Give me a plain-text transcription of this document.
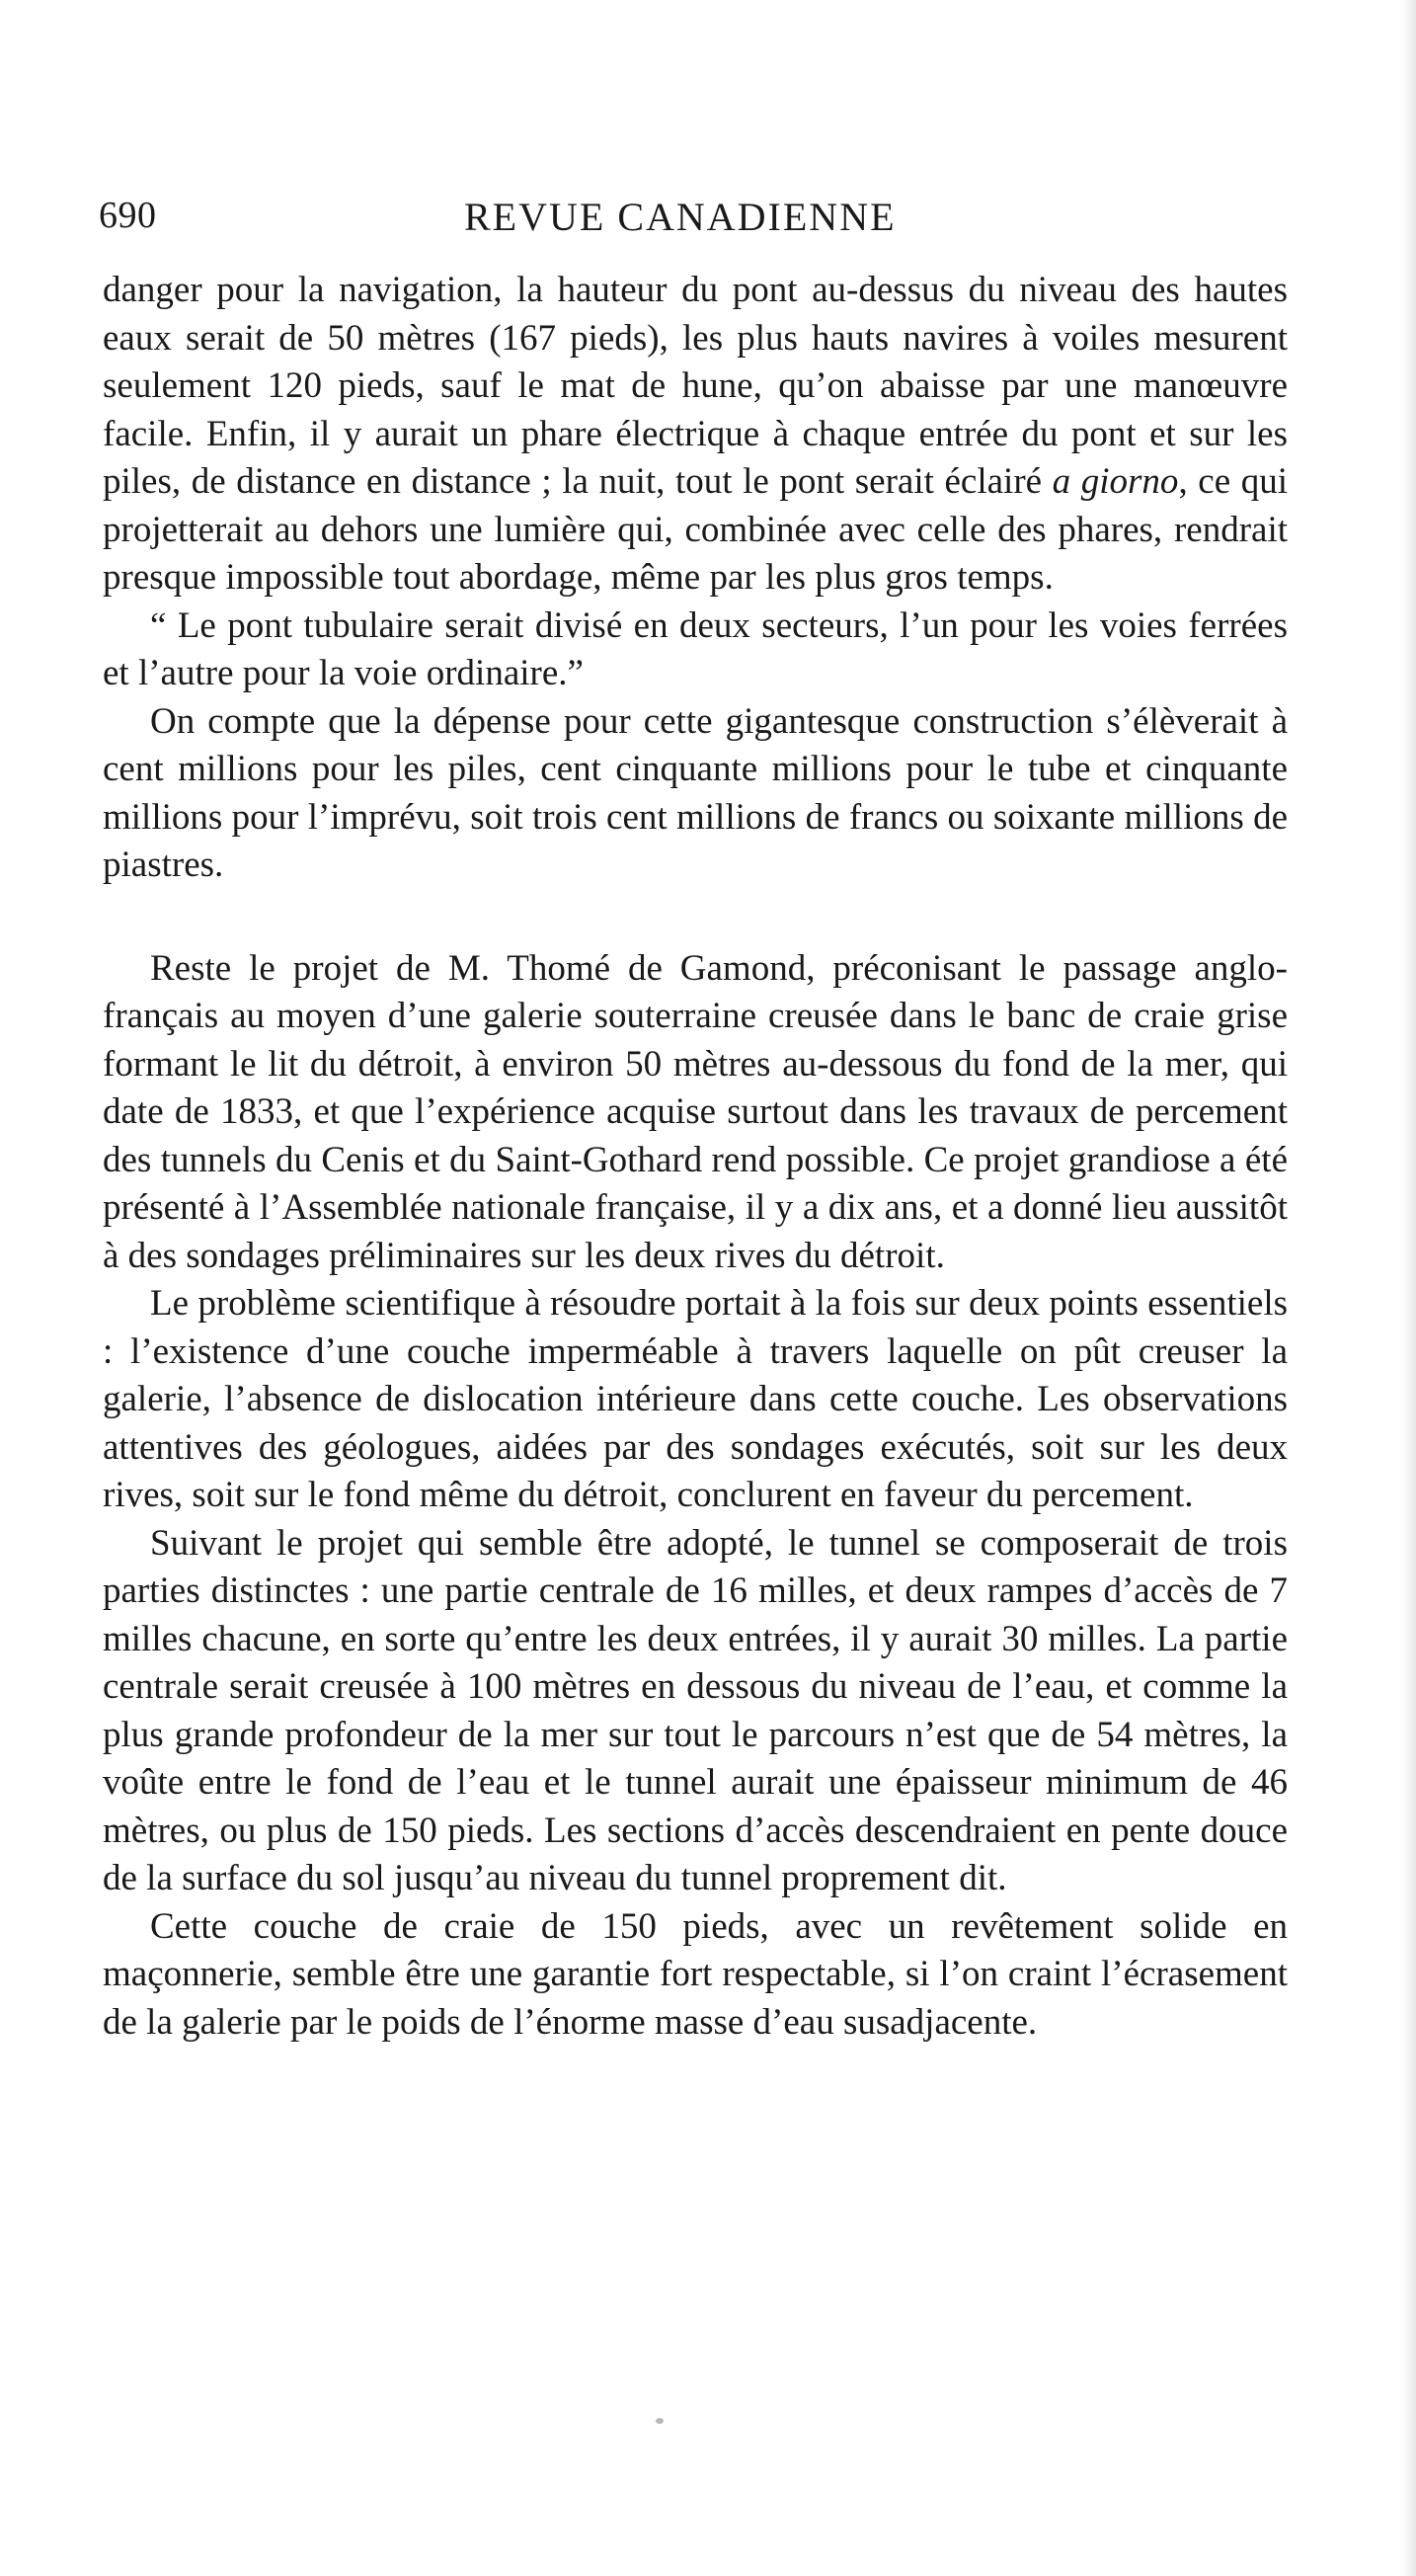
690	REVUE CANADIENNE

danger pour la navigation, la hauteur du pont au-dessus du niveau des hautes eaux serait de 50 mètres (167 pieds), les plus hauts navires à voiles mesurent seulement 120 pieds, sauf le mat de hune, qu’on abaisse par une manœuvre facile. Enfin, il y aurait un phare électrique à chaque entrée du pont et sur les piles, de distance en distance ; la nuit, tout le pont serait éclairé a giorno, ce qui projetterait au dehors une lumière qui, combinée avec celle des phares, rendrait presque impossible tout abordage, même par les plus gros temps.

“ Le pont tubulaire serait divisé en deux secteurs, l’un pour les voies ferrées et l’autre pour la voie ordinaire.”

On compte que la dépense pour cette gigantesque construction s’élèverait à cent millions pour les piles, cent cinquante millions pour le tube et cinquante millions pour l’imprévu, soit trois cent millions de francs ou soixante millions de piastres.

Reste le projet de M. Thomé de Gamond, préconisant le passage anglo-français au moyen d’une galerie souterraine creusée dans le banc de craie grise formant le lit du détroit, à environ 50 mètres au-dessous du fond de la mer, qui date de 1833, et que l’expérience acquise surtout dans les travaux de percement des tunnels du Cenis et du Saint-Gothard rend possible. Ce projet grandiose a été présenté à l’Assemblée nationale française, il y a dix ans, et a donné lieu aussitôt à des sondages préliminaires sur les deux rives du détroit.

Le problème scientifique à résoudre portait à la fois sur deux points essentiels : l’existence d’une couche imperméable à travers laquelle on pût creuser la galerie, l’absence de dislocation intérieure dans cette couche. Les observations attentives des géologues, aidées par des sondages exécutés, soit sur les deux rives, soit sur le fond même du détroit, conclurent en faveur du percement.

Suivant le projet qui semble être adopté, le tunnel se composerait de trois parties distinctes : une partie centrale de 16 milles, et deux rampes d’accès de 7 milles chacune, en sorte qu’entre les deux entrées, il y aurait 30 milles. La partie centrale serait creusée à 100 mètres en dessous du niveau de l’eau, et comme la plus grande profondeur de la mer sur tout le parcours n’est que de 54 mètres, la voûte entre le fond de l’eau et le tunnel aurait une épaisseur minimum de 46 mètres, ou plus de 150 pieds. Les sections d’accès descendraient en pente douce de la surface du sol jusqu’au niveau du tunnel proprement dit.

Cette couche de craie de 150 pieds, avec un revêtement solide en maçonnerie, semble être une garantie fort respectable, si l’on craint l’écrasement de la galerie par le poids de l’énorme masse d’eau susadjacente.
